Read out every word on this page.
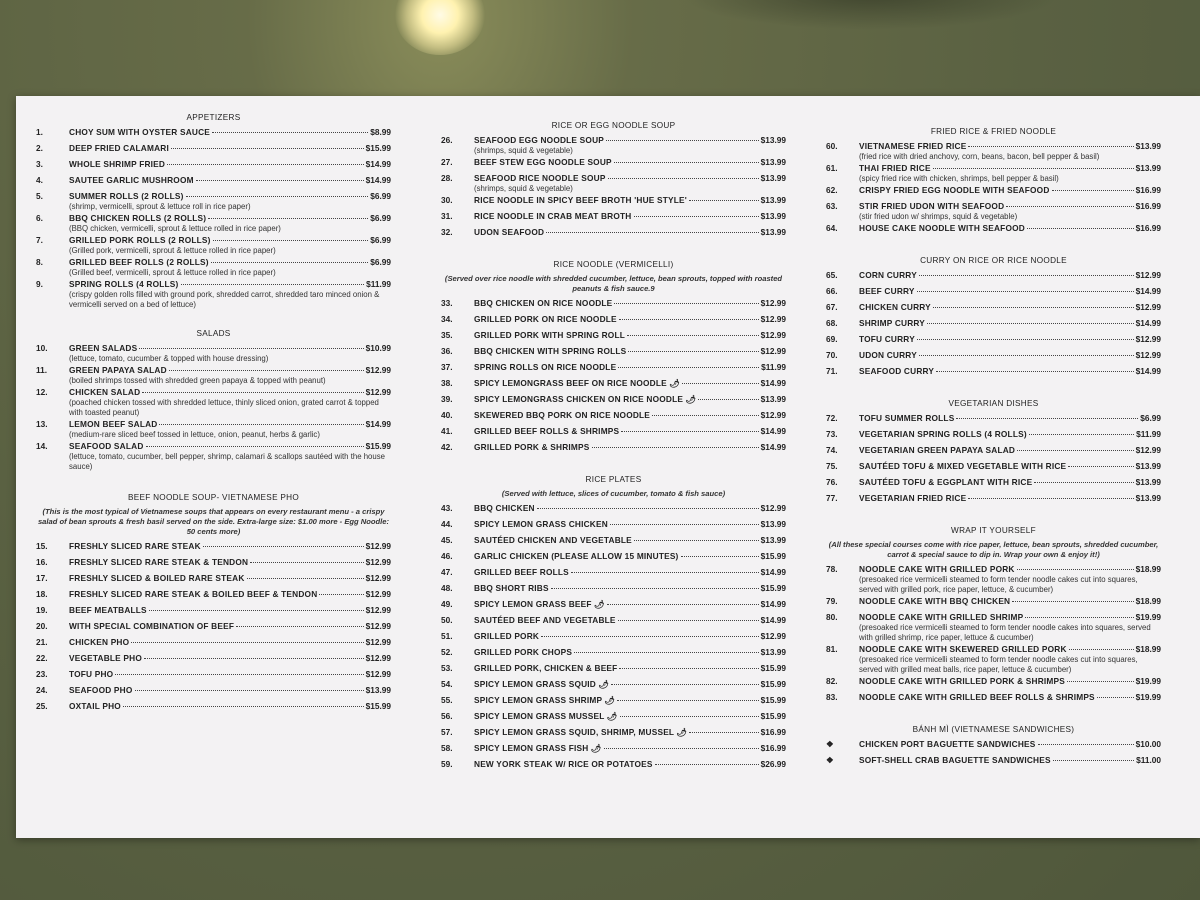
APPETIZERS
1.	CHOY SUM WITH OYSTER SAUCE	$8.99
2.	DEEP FRIED CALAMARI	$15.99
3.	WHOLE SHRIMP FRIED	$14.99
4.	SAUTEE GARLIC MUSHROOM	$14.99
5.	SUMMER ROLLS (2 ROLLS)	$6.99
(shrimp, vermicelli, sprout & lettuce roll in rice paper)
6.	BBQ CHICKEN ROLLS (2 ROLLS)	$6.99
(BBQ chicken, vermicelli, sprout & lettuce rolled in rice paper)
7.	GRILLED PORK ROLLS (2 ROLLS)	$6.99
(Grilled pork, vermicelli, sprout & lettuce rolled in rice paper)
8.	GRILLED BEEF ROLLS (2 ROLLS)	$6.99
(Grilled beef, vermicelli, sprout & lettuce rolled in rice paper)
9.	SPRING ROLLS (4 ROLLS)	$11.99
(crispy golden rolls filled with ground pork, shredded carrot, shredded taro minced onion & vermicelli served on a bed of lettuce)
SALADS
10.	GREEN SALADS	$10.99
(lettuce, tomato, cucumber & topped with house dressing)
11.	GREEN PAPAYA SALAD	$12.99
(boiled shrimps tossed with shredded green papaya & topped with peanut)
12.	CHICKEN SALAD	$12.99
(poached chicken tossed with shredded lettuce, thinly sliced onion, grated carrot & topped with toasted peanut)
13.	LEMON BEEF SALAD	$14.99
(medium-rare sliced beef tossed in lettuce, onion, peanut, herbs & garlic)
14.	SEAFOOD SALAD	$15.99
(lettuce, tomato, cucumber, bell pepper, shrimp, calamari & scallops sautéed with the house sauce)
BEEF NOODLE SOUP- VIETNAMESE PHO
(This is the most typical of Vietnamese soups that appears on every restaurant menu - a crispy salad of bean sprouts & fresh basil served on the side. Extra-large size: $1.00 more - Egg Noodle: 50 cents more)
15.	FRESHLY SLICED RARE STEAK	$12.99
16.	FRESHLY SLICED RARE STEAK & TENDON	$12.99
17.	FRESHLY SLICED & BOILED RARE STEAK	$12.99
18.	FRESHLY SLICED RARE STEAK & BOILED BEEF & TENDON	$12.99
19.	BEEF MEATBALLS	$12.99
20.	WITH SPECIAL COMBINATION OF BEEF	$12.99
21.	CHICKEN PHO	$12.99
22.	VEGETABLE PHO	$12.99
23.	TOFU PHO	$12.99
24.	SEAFOOD PHO	$13.99
25.	OXTAIL PHO	$15.99
RICE OR EGG NOODLE SOUP
26.	SEAFOOD EGG NOODLE SOUP	$13.99
(shrimps, squid & vegetable)
27.	BEEF STEW EGG NOODLE SOUP	$13.99
28.	SEAFOOD RICE NOODLE SOUP	$13.99
(shrimps, squid & vegetable)
30.	RICE NOODLE IN SPICY BEEF BROTH 'HUE STYLE'	$13.99
31.	RICE NOODLE IN CRAB MEAT BROTH	$13.99
32.	UDON SEAFOOD	$13.99
RICE NOODLE (VERMICELLI)
(Served over rice noodle with shredded cucumber, lettuce, bean sprouts, topped with roasted peanuts & fish sauce.9
33.	BBQ CHICKEN ON RICE NOODLE	$12.99
34.	GRILLED PORK ON RICE NOODLE	$12.99
35.	GRILLED PORK WITH SPRING ROLL	$12.99
36.	BBQ CHICKEN WITH SPRING ROLLS	$12.99
37.	SPRING ROLLS ON RICE NOODLE	$11.99
38.	SPICY LEMONGRASS BEEF ON RICE NOODLE 🌶	$14.99
39.	SPICY LEMONGRASS CHICKEN ON RICE NOODLE 🌶	$13.99
40.	SKEWERED BBQ PORK ON RICE NOODLE	$12.99
41.	GRILLED BEEF ROLLS & SHRIMPS	$14.99
42.	GRILLED PORK & SHRIMPS	$14.99
RICE PLATES
(Served with lettuce, slices of cucumber, tomato & fish sauce)
43.	BBQ CHICKEN	$12.99
44.	SPICY LEMON GRASS CHICKEN	$13.99
45.	SAUTÉED CHICKEN AND VEGETABLE	$13.99
46.	GARLIC CHICKEN (PLEASE ALLOW 15 MINUTES)	$15.99
47.	GRILLED BEEF ROLLS	$14.99
48.	BBQ SHORT RIBS	$15.99
49.	SPICY LEMON GRASS BEEF 🌶	$14.99
50.	SAUTÉED BEEF AND VEGETABLE	$14.99
51.	GRILLED PORK	$12.99
52.	GRILLED PORK CHOPS	$13.99
53.	GRILLED PORK, CHICKEN & BEEF	$15.99
54.	SPICY LEMON GRASS SQUID 🌶	$15.99
55.	SPICY LEMON GRASS SHRIMP 🌶	$15.99
56.	SPICY LEMON GRASS MUSSEL 🌶	$15.99
57.	SPICY LEMON GRASS SQUID, SHRIMP, MUSSEL 🌶	$16.99
58.	SPICY LEMON GRASS FISH 🌶	$16.99
59.	NEW YORK STEAK W/ RICE OR POTATOES	$26.99
FRIED RICE & FRIED NOODLE
60.	VIETNAMESE FRIED RICE	$13.99
(fried rice with dried anchovy, corn, beans, bacon, bell pepper & basil)
61.	THAI FRIED RICE	$13.99
(spicy fried rice with chicken, shrimps, bell pepper & basil)
62.	CRISPY FRIED EGG NOODLE WITH SEAFOOD	$16.99
63.	STIR FRIED UDON WITH SEAFOOD	$16.99
(stir fried udon w/ shrimps, squid & vegetable)
64.	HOUSE CAKE NOODLE WITH SEAFOOD	$16.99
CURRY ON RICE OR RICE NOODLE
65.	CORN CURRY	$12.99
66.	BEEF CURRY	$14.99
67.	CHICKEN CURRY	$12.99
68.	SHRIMP CURRY	$14.99
69.	TOFU CURRY	$12.99
70.	UDON CURRY	$12.99
71.	SEAFOOD CURRY	$14.99
VEGETARIAN DISHES
72.	TOFU SUMMER ROLLS	$6.99
73.	VEGETARIAN SPRING ROLLS (4 ROLLS)	$11.99
74.	VEGETARIAN GREEN PAPAYA SALAD	$12.99
75.	SAUTÉED TOFU & MIXED VEGETABLE WITH RICE	$13.99
76.	SAUTÉED TOFU & EGGPLANT WITH RICE	$13.99
77.	VEGETARIAN FRIED RICE	$13.99
WRAP IT YOURSELF
(All these special courses come with rice paper, lettuce, bean sprouts, shredded cucumber, carrot & special sauce to dip in. Wrap your own & enjoy it!)
78.	NOODLE CAKE WITH GRILLED PORK	$18.99
(presoaked rice vermicelli steamed to form tender noodle cakes cut into squares, served with grilled pork, rice paper, lettuce, & cucumber)
79.	NOODLE CAKE WITH BBQ CHICKEN	$18.99
80.	NOODLE CAKE WITH GRILLED SHRIMP	$19.99
(presoaked rice vermicelli steamed to form tender noodle cakes into squares, served with grilled shrimp, rice paper, lettuce & cucumber)
81.	NOODLE CAKE WITH SKEWERED GRILLED PORK	$18.99
(presoaked rice vermicelli steamed to form tender noodle cakes cut into squares, served with grilled meat balls, rice paper, lettuce & cucumber)
82.	NOODLE CAKE WITH GRILLED PORK & SHRIMPS	$19.99
83.	NOODLE CAKE WITH GRILLED BEEF ROLLS & SHRIMPS	$19.99
BÁNH MÌ (VIETNAMESE SANDWICHES)
❖	CHICKEN PORT BAGUETTE SANDWICHES	$10.00
❖	SOFT-SHELL CRAB BAGUETTE SANDWICHES	$11.00
